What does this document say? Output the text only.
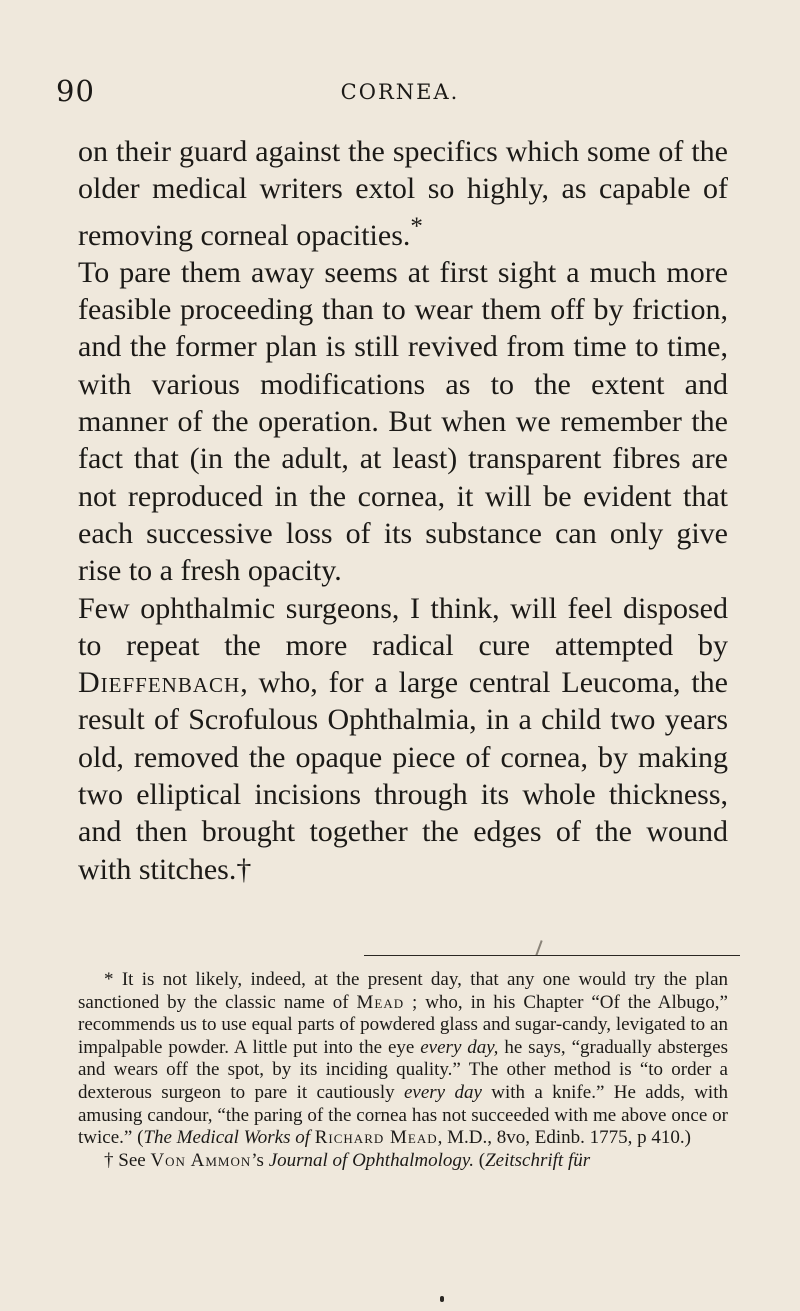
90	CORNEA.

on their guard against the specifics which some of the older medical writers extol so highly, as capable of removing corneal opacities.*

To pare them away seems at first sight a much more feasible proceeding than to wear them off by friction, and the former plan is still revived from time to time, with various modifications as to the extent and manner of the operation. But when we remember the fact that (in the adult, at least) transparent fibres are not reproduced in the cornea, it will be evident that each successive loss of its substance can only give rise to a fresh opacity.

Few ophthalmic surgeons, I think, will feel disposed to repeat the more radical cure attempted by Dieffenbach, who, for a large central Leucoma, the result of Scrofulous Ophthalmia, in a child two years old, removed the opaque piece of cornea, by making two elliptical incisions through its whole thickness, and then brought together the edges of the wound with stitches.†

* It is not likely, indeed, at the present day, that any one would try the plan sanctioned by the classic name of Mead ; who, in his Chapter “Of the Albugo,” recommends us to use equal parts of powdered glass and sugar-candy, levigated to an impalpable powder. A little put into the eye every day, he says, “gradually absterges and wears off the spot, by its inciding quality.” The other method is “to order a dexterous surgeon to pare it cautiously every day with a knife.” He adds, with amusing candour, “the paring of the cornea has not succeeded with me above once or twice.” (The Medical Works of Richard Mead, M.D., 8vo, Edinb. 1775, p 410.)

† See Von Ammon’s Journal of Ophthalmology. (Zeitschrift für
